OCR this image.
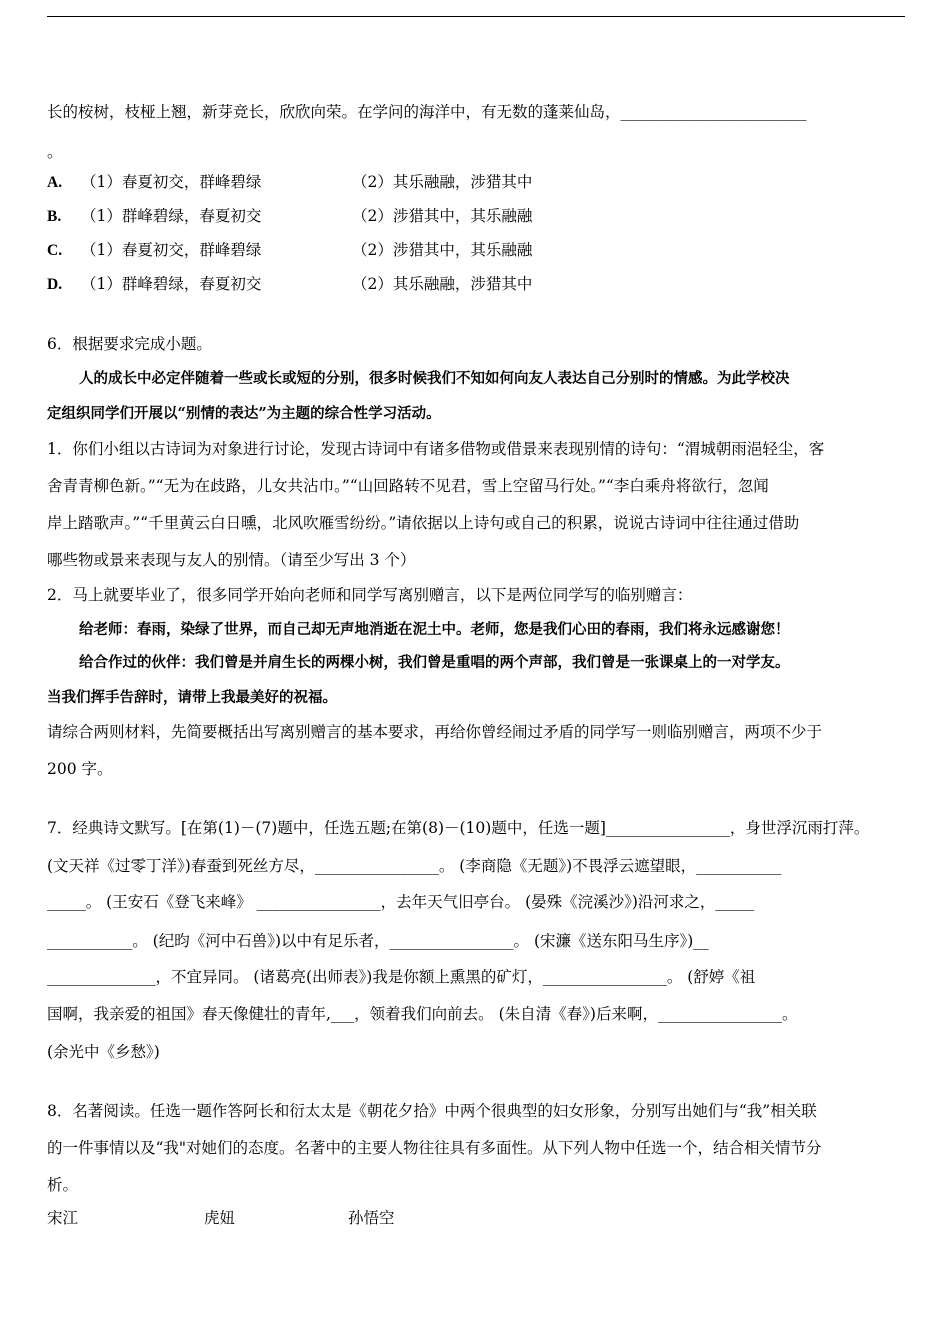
长的桉树，枝桠上翘，新芽竞长，欣欣向荣。在学问的海洋中，有无数的蓬莱仙岛，________________________
。
A. （1）春夏初交，群峰碧绿	（2）其乐融融，涉猎其中
B. （1）群峰碧绿，春夏初交	（2）涉猎其中，其乐融融
C. （1）春夏初交，群峰碧绿	（2）涉猎其中，其乐融融
D. （1）群峰碧绿，春夏初交	（2）其乐融融，涉猎其中
6．根据要求完成小题。
人的成长中必定伴随着一些或长或短的分别，很多时候我们不知如何向友人表达自己分别时的情感。为此学校决
定组织同学们开展以“别情的表达”为主题的综合性学习活动。
1．你们小组以古诗词为对象进行讨论，发现古诗词中有诸多借物或借景来表现别情的诗句：“渭城朝雨浥轻尘，客
舍青青柳色新。”“无为在歧路，儿女共沾巾。”“山回路转不见君，雪上空留马行处。”“李白乘舟将欲行，忽闻
岸上踏歌声。”“千里黄云白日曛，北风吹雁雪纷纷。”请依据以上诗句或自己的积累，说说古诗词中往往通过借助
哪些物或景来表现与友人的别情。（请至少写出 3 个）
2．马上就要毕业了，很多同学开始向老师和同学写离别赠言，以下是两位同学写的临别赠言：
给老师：春雨，染绿了世界，而自己却无声地消逝在泥土中。老师，您是我们心田的春雨，我们将永远感谢您！
给合作过的伙伴：我们曾是并肩生长的两棵小树，我们曾是重唱的两个声部，我们曾是一张课桌上的一对学友。
当我们挥手告辞时，请带上我最美好的祝福。
请综合两则材料，先简要概括出写离别赠言的基本要求，再给你曾经闹过矛盾的同学写一则临别赠言，两项不少于
200 字。
7．经典诗文默写。[在第(1)－(7)题中，任选五题;在第(8)－(10)题中，任选一题]________________，身世浮沉雨打萍。
(文天祥《过零丁洋》)春蚕到死丝方尽，________________。 (李商隐《无题》)不畏浮云遮望眼，___________
_____。 (王安石《登飞来峰》 ________________，去年天气旧亭台。 (晏殊《浣溪沙》)沿河求之，_____
___________。 (纪昀《河中石兽》)以中有足乐者，________________。 (宋濂《送东阳马生序》)__
______________，不宜异同。 (诸葛亮(出师表》)我是你额上熏黑的矿灯，________________。 (舒婷《祖
国啊，我亲爱的祖国》春天像健壮的青年,___，领着我们向前去。 (朱自清《春》)后来啊，________________。
(余光中《乡愁》)
8．名著阅读。任选一题作答阿长和衍太太是《朝花夕拾》中两个很典型的妇女形象，分别写出她们与“我”相关联
的一件事情以及“我"对她们的态度。名著中的主要人物往往具有多面性。从下列人物中任选一个，结合相关情节分
析。
宋江	虎妞	孙悟空
